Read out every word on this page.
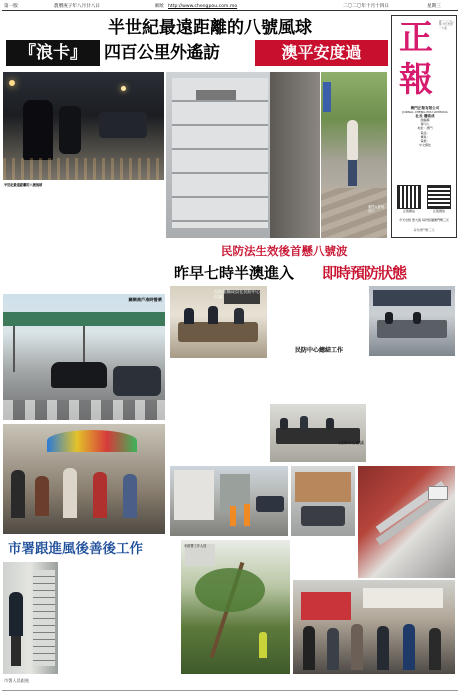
第一版	農曆庚子年八月廿八日	網址 http://www.chengpou.com.mo	二〇二〇年十月十四日	星期三
半世紀最遠距離的八號風球
『浪卡』	四百公里外遙訪	澳平安度過	正
報
第一二〇九三號 今日出紙一大張
澳門正報有限公司
JORNAL CHENG POU LIMITADA
社長 蕭威成
總編輯
督印人
地址：澳門
電話：
傳真：
電郵：
中文網址
正報網站	正報微信
今天出紙 壹大張 每份售價澳門幣三元
每份澳門幣三元
澳門人冒雨出行
半世紀最遠距離的八號風球
民防法生效後首懸八號波
昨早七時半澳進入	即時預防狀態
關閘商戶准時營業
民防架構成員在民防中心討論
民防中心總結工作
民防中心會議
市署跟進風後善後工作	市政署工作人員
市署人員跟進
